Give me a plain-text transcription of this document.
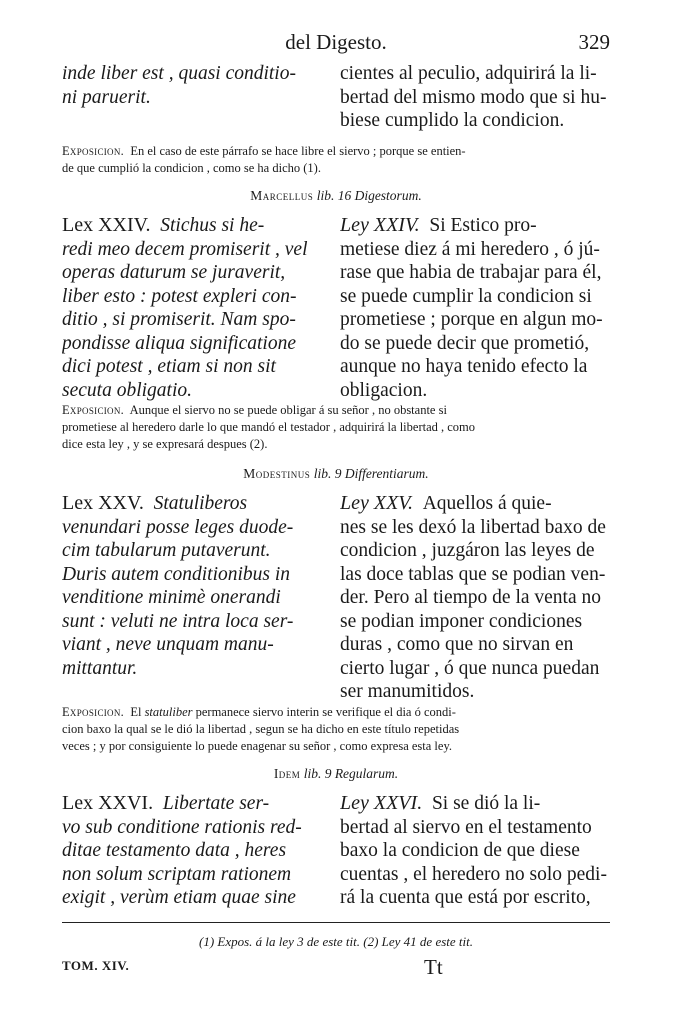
del Digesto.	329
inde liber est , quasi conditio-
ni paruerit.
cientes al peculio, adquirirá la li-
bertad del mismo modo que si hu-
biese cumplido la condicion.
Exposicion. En el caso de este párrafo se hace libre el siervo ; porque se entien-
de que cumplió la condicion , como se ha dicho (1).
Marcellus lib. 16 Digestorum.
Lex XXIV. Stichus si he-
redi meo decem promiserit , vel
operas daturum se juraverit,
liber esto : potest expleri con-
ditio , si promiserit. Nam spo-
pondisse aliqua significatione
dici potest , etiam si non sit
secuta obligatio.
Ley XXIV. Si Estico pro-
metiese diez á mi heredero , ó jú-
rase que habia de trabajar para él,
se puede cumplir la condicion si
prometiese ; porque en algun mo-
do se puede decir que prometió,
aunque no haya tenido efecto la
obligacion.
Exposicion. Aunque el siervo no se puede obligar á su señor , no obstante si
prometiese al heredero darle lo que mandó el testador , adquirirá la libertad , como
dice esta ley , y se expresará despues (2).
Modestinus lib. 9 Differentiarum.
Lex XXV. Statuliberos
venundari posse leges duode-
cim tabularum putaverunt.
Duris autem conditionibus in
venditione minimè onerandi
sunt : veluti ne intra loca ser-
viant , neve unquam manu-
mittantur.
Ley XXV. Aquellos á quie-
nes se les dexó la libertad baxo de
condicion , juzgáron las leyes de
las doce tablas que se podian ven-
der. Pero al tiempo de la venta no
se podian imponer condiciones
duras , como que no sirvan en
cierto lugar , ó que nunca puedan
ser manumitidos.
Exposicion. El statuliber permanece siervo interin se verifique el dia ó condi-
cion baxo la qual se le dió la libertad , segun se ha dicho en este título repetidas
veces ; y por consiguiente lo puede enagenar su señor , como expresa esta ley.
Idem lib. 9 Regularum.
Lex XXVI. Libertate ser-
vo sub conditione rationis red-
ditae testamento data , heres
non solum scriptam rationem
exigit , verùm etiam quae sine
Ley XXVI. Si se dió la li-
bertad al siervo en el testamento
baxo la condicion de que diese
cuentas , el heredero no solo pedi-
rá la cuenta que está por escrito,
(1) Expos. á la ley 3 de este tit. (2) Ley 41 de este tit.
TOM. XIV.	Tt
